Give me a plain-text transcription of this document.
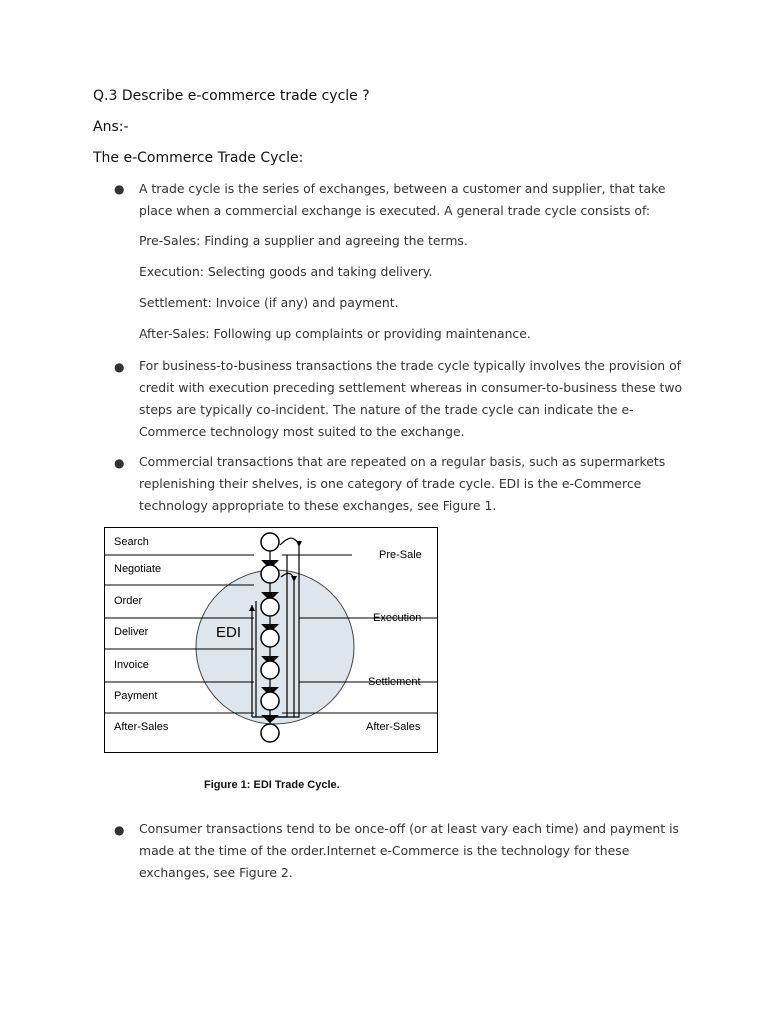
Q.3 Describe e-commerce trade cycle ?
Ans:-
The e-Commerce Trade Cycle:
● A trade cycle is the series of exchanges, between a customer and supplier, that take place when a commercial exchange is executed. A general trade cycle consists of:
Pre-Sales: Finding a supplier and agreeing the terms.
Execution: Selecting goods and taking delivery.
Settlement: Invoice (if any) and payment.
After-Sales: Following up complaints or providing maintenance.
● For business-to-business transactions the trade cycle typically involves the provision of credit with execution preceding settlement whereas in consumer-to-business these two steps are typically co-incident. The nature of the trade cycle can indicate the e-Commerce technology most suited to the exchange.
● Commercial transactions that are repeated on a regular basis, such as supermarkets replenishing their shelves, is one category of trade cycle. EDI is the e-Commerce technology appropriate to these exchanges, see Figure 1.
Search
Negotiate
Order
Deliver
Invoice
Payment
After-Sales
Pre-Sale
Execution
Settlement
After-Sales
EDI
Figure 1: EDI Trade Cycle.
● Consumer transactions tend to be once-off (or at least vary each time) and payment is made at the time of the order.Internet e-Commerce is the technology for these exchanges, see Figure 2.
